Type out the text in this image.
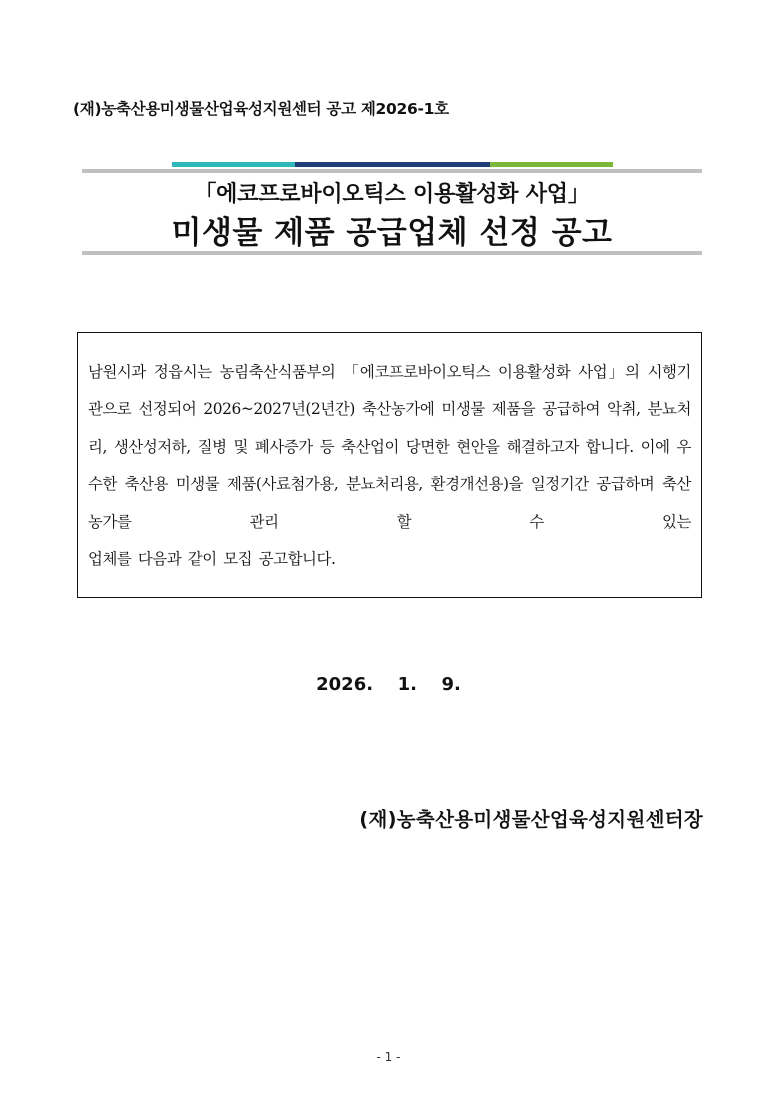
(재)농축산용미생물산업육성지원센터 공고 제2026-1호
「에코프로바이오틱스 이용활성화 사업」
미생물 제품 공급업체 선정 공고
남원시과 정읍시는 농림축산식품부의 「에코프로바이오틱스 이용활성화 사업」의 시행기관으로 선정되어 2026~2027년(2년간) 축산농가에 미생물 제품을 공급하여 악취, 분뇨처리, 생산성저하, 질병 및 폐사증가 등 축산업이 당면한 현안을 해결하고자 합니다. 이에 우수한 축산용 미생물 제품(사료첨가용, 분뇨처리용, 환경개선용)을 일정기간 공급하며 축산농가를 관리 할 수 있는
업체를 다음과 같이 모집 공고합니다.
2026.  1.  9.
(재)농축산용미생물산업육성지원센터장
- 1 -
